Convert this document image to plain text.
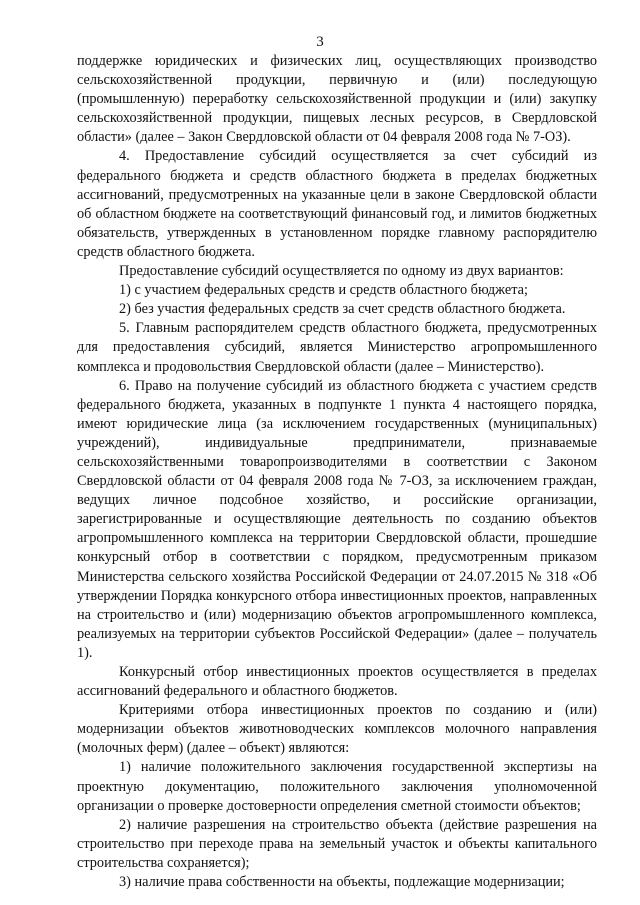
3

поддержке юридических и физических лиц, осуществляющих производство сельскохозяйственной продукции, первичную и (или) последующую (промышленную) переработку сельскохозяйственной продукции и (или) закупку сельскохозяйственной продукции, пищевых лесных ресурсов, в Свердловской области» (далее – Закон Свердловской области от 04 февраля 2008 года № 7-ОЗ).

4. Предоставление субсидий осуществляется за счет субсидий из федерального бюджета и средств областного бюджета в пределах бюджетных ассигнований, предусмотренных на указанные цели в законе Свердловской области об областном бюджете на соответствующий финансовый год, и лимитов бюджетных обязательств, утвержденных в установленном порядке главному распорядителю средств областного бюджета.

Предоставление субсидий осуществляется по одному из двух вариантов:

1) с участием федеральных средств и средств областного бюджета;

2) без участия федеральных средств за счет средств областного бюджета.

5. Главным распорядителем средств областного бюджета, предусмотренных для предоставления субсидий, является Министерство агропромышленного комплекса и продовольствия Свердловской области (далее – Министерство).

6. Право на получение субсидий из областного бюджета с участием средств федерального бюджета, указанных в подпункте 1 пункта 4 настоящего порядка, имеют юридические лица (за исключением государственных (муниципальных) учреждений), индивидуальные предприниматели, признаваемые сельскохозяйственными товаропроизводителями в соответствии с Законом Свердловской области от 04 февраля 2008 года № 7-ОЗ, за исключением граждан, ведущих личное подсобное хозяйство, и российские организации, зарегистрированные и осуществляющие деятельность по созданию объектов агропромышленного комплекса на территории Свердловской области, прошедшие конкурсный отбор в соответствии с порядком, предусмотренным приказом Министерства сельского хозяйства Российской Федерации от 24.07.2015 № 318 «Об утверждении Порядка конкурсного отбора инвестиционных проектов, направленных на строительство и (или) модернизацию объектов агропромышленного комплекса, реализуемых на территории субъектов Российской Федерации» (далее – получатель 1).

Конкурсный отбор инвестиционных проектов осуществляется в пределах ассигнований федерального и областного бюджетов.

Критериями отбора инвестиционных проектов по созданию и (или) модернизации объектов животноводческих комплексов молочного направления (молочных ферм) (далее – объект) являются:

1) наличие положительного заключения государственной экспертизы на проектную документацию, положительного заключения уполномоченной организации о проверке достоверности определения сметной стоимости объектов;

2) наличие разрешения на строительство объекта (действие разрешения на строительство при переходе права на земельный участок и объекты капитального строительства сохраняется);

3) наличие права собственности на объекты, подлежащие модернизации;
